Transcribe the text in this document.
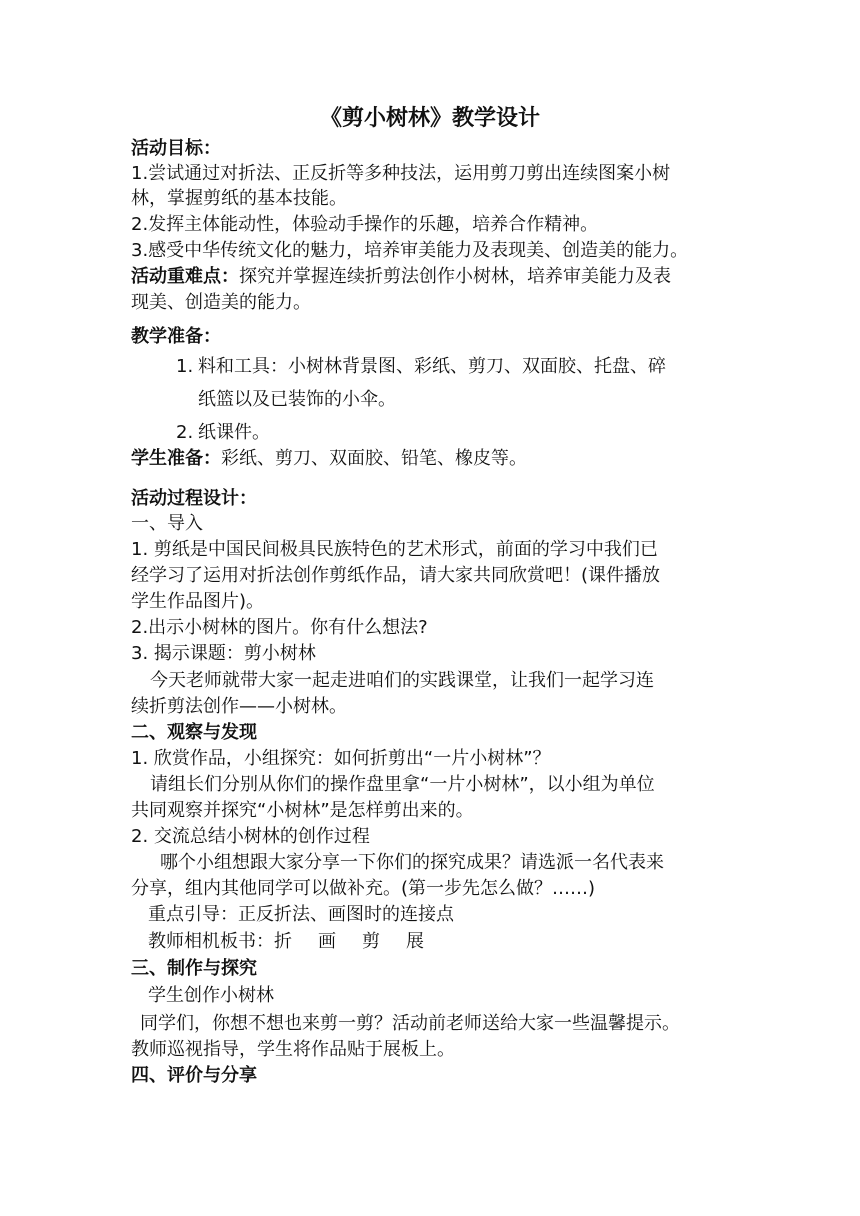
《剪小树林》教学设计
活动目标：
1.尝试通过对折法、正反折等多种技法，运用剪刀剪出连续图案小树
林，掌握剪纸的基本技能。
2.发挥主体能动性，体验动手操作的乐趣，培养合作精神。
3.感受中华传统文化的魅力，培养审美能力及表现美、创造美的能力。
活动重难点：探究并掌握连续折剪法创作小树林，培养审美能力及表
现美、创造美的能力。
教学准备：
1. 料和工具：小树林背景图、彩纸、剪刀、双面胶、托盘、碎
纸篮以及已装饰的小伞。
2. 纸课件。
学生准备：彩纸、剪刀、双面胶、铅笔、橡皮等。
活动过程设计：
一、导入
1. 剪纸是中国民间极具民族特色的艺术形式，前面的学习中我们已
经学习了运用对折法创作剪纸作品，请大家共同欣赏吧！(课件播放
学生作品图片)。
2.出示小树林的图片。你有什么想法?
3. 揭示课题：剪小树林
今天老师就带大家一起走进咱们的实践课堂，让我们一起学习连
续折剪法创作——小树林。
二、观察与发现
1. 欣赏作品，小组探究：如何折剪出“一片小树林”？
请组长们分别从你们的操作盘里拿“一片小树林”，以小组为单位
共同观察并探究“小树林”是怎样剪出来的。
2. 交流总结小树林的创作过程
哪个小组想跟大家分享一下你们的探究成果？请选派一名代表来
分享，组内其他同学可以做补充。(第一步先怎么做？……)
重点引导：正反折法、画图时的连接点
教师相机板书：折 画 剪 展
三、制作与探究
学生创作小树林
同学们，你想不想也来剪一剪？活动前老师送给大家一些温馨提示。
教师巡视指导，学生将作品贴于展板上。
四、评价与分享
